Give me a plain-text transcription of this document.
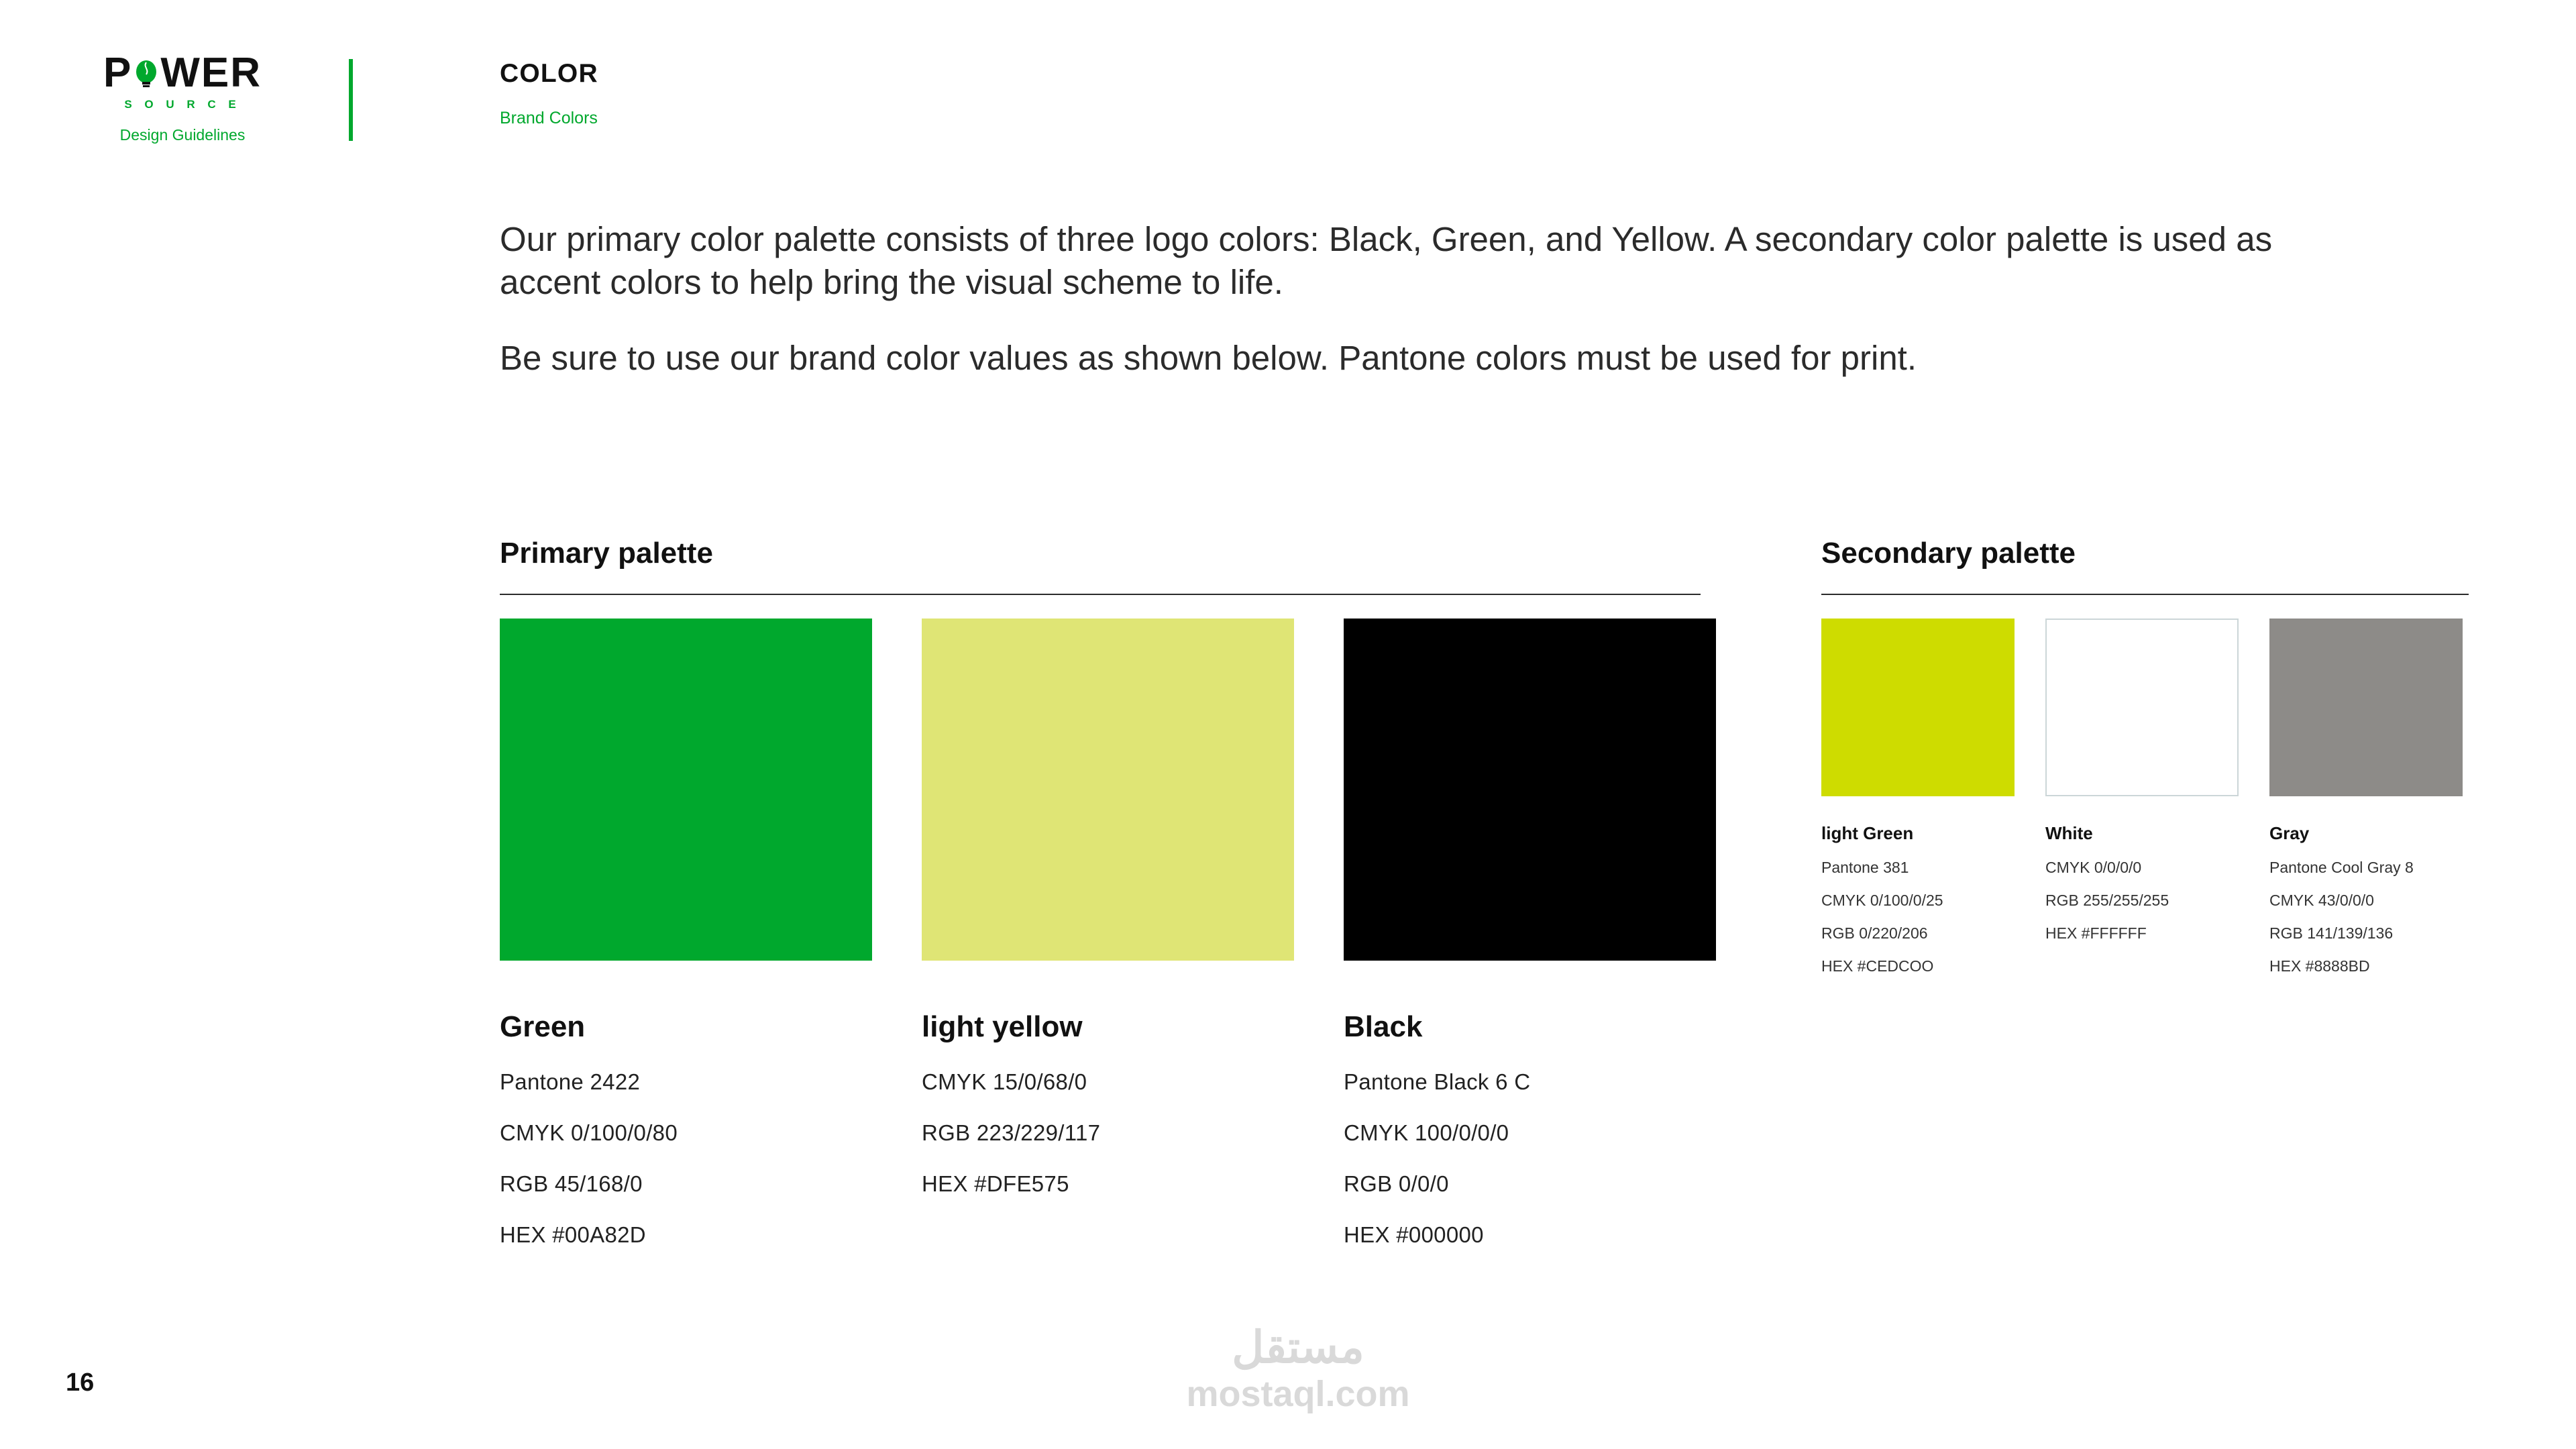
P WER
S O U R C E
Design Guidelines
COLOR
Brand Colors

Our primary color palette consists of three logo colors: Black, Green, and Yellow. A secondary color palette is used as accent colors to help bring the visual scheme to life.

Be sure to use our brand color values as shown below. Pantone colors must be used for print.

Primary palette
Green
Pantone 2422
CMYK 0/100/0/80
RGB 45/168/0
HEX #00A82D
light yellow
CMYK 15/0/68/0
RGB 223/229/117
HEX #DFE575
Black
Pantone Black 6 C
CMYK 100/0/0/0
RGB 0/0/0
HEX #000000
Secondary palette
light Green
Pantone 381
CMYK 0/100/0/25
RGB 0/220/206
HEX #CEDCOO
White
CMYK 0/0/0/0
RGB 255/255/255
HEX #FFFFFF
Gray
Pantone Cool Gray 8
CMYK 43/0/0/0
RGB 141/139/136
HEX #8888BD
16
مستقل
mostaql.com
